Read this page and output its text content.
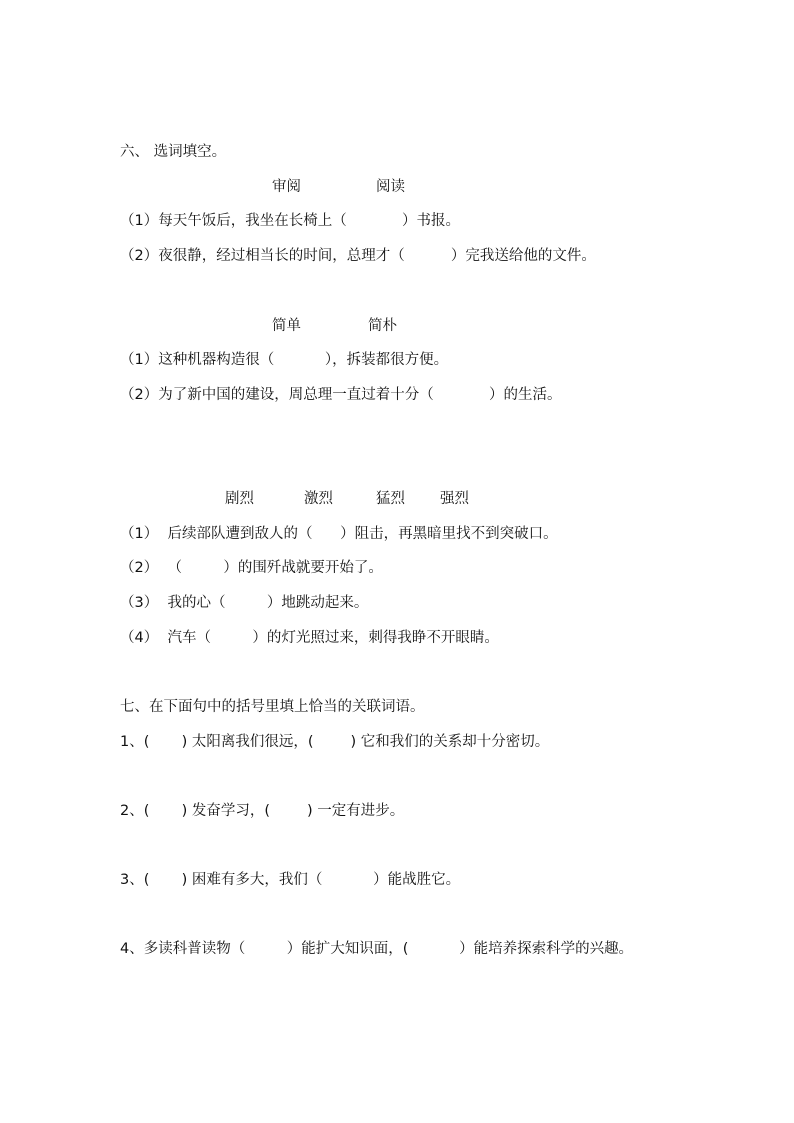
六、 选词填空。

审阅	阅读

（1）每天午饭后，我坐在长椅上（            ）书报。

（2）夜很静，经过相当长的时间，总理才（          ）完我送给他的文件。

简单	简朴

（1）这种机器构造很（           ），拆装都很方便。

（2）为了新中国的建设，周总理一直过着十分（            ）的生活。

剧烈	激烈	猛烈 强烈

（1）  后续部队遭到敌人的（      ）阻击，再黑暗里找不到突破口。

（2）  （         ）的围歼战就要开始了。

（3）  我的心（         ）地跳动起来。

（4）  汽车（         ）的灯光照过来，刺得我睁不开眼睛。

七、在下面句中的括号里填上恰当的关联词语。

1、(       ) 太阳离我们很远，(        ) 它和我们的关系却十分密切。

2、(       ) 发奋学习，(        ) 一定有进步。

3、(       ) 困难有多大，我们（           ）能战胜它。

4、多读科普读物（         ）能扩大知识面，(           ）能培养探索科学的兴趣。
